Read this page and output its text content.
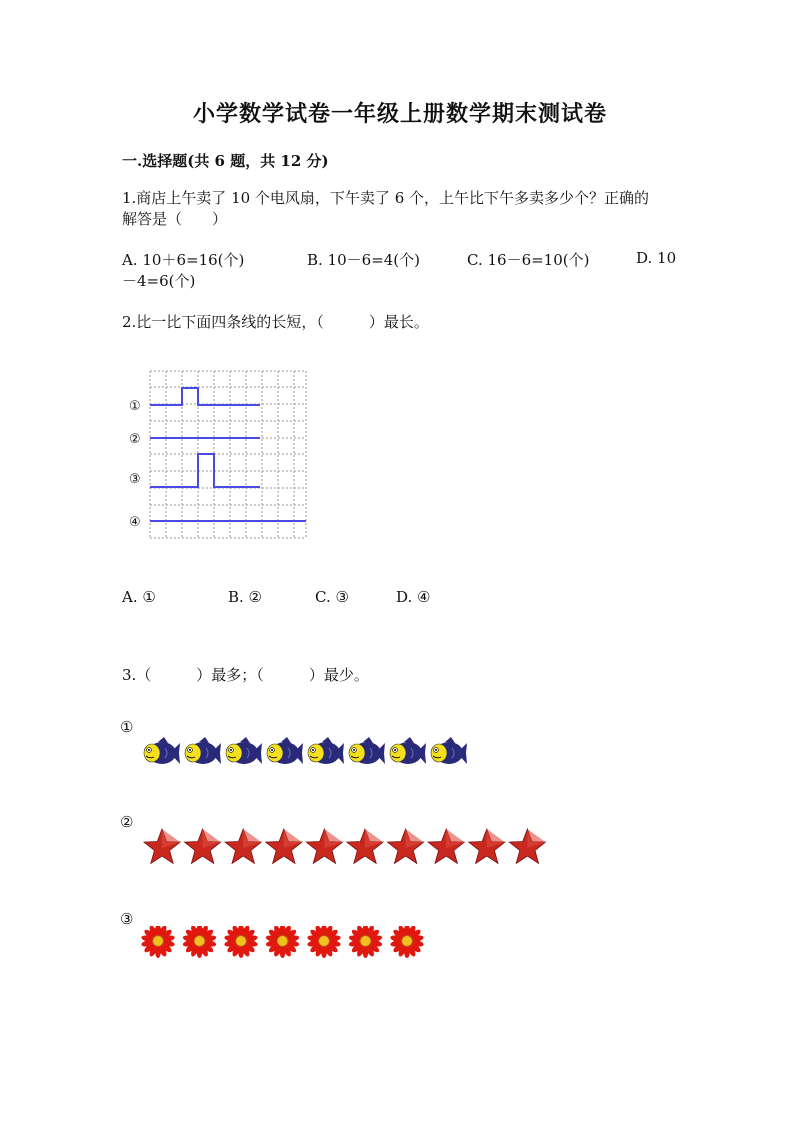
小学数学试卷一年级上册数学期末测试卷
一.选择题(共 6 题，共 12 分)
1.商店上午卖了 10 个电风扇，下午卖了 6 个，上午比下午多卖多少个？正确的
解答是（　　）
A. 10＋6=16(个)	B. 10－6=4(个)	C. 16－6=10(个)	D. 10
－4=6(个)
2.比一比下面四条线的长短，（　　　）最长。
①
②
③
④
A. ①	B. ②	C. ③	D. ④
3.（　　　）最多；（　　　）最少。
①
②
③
